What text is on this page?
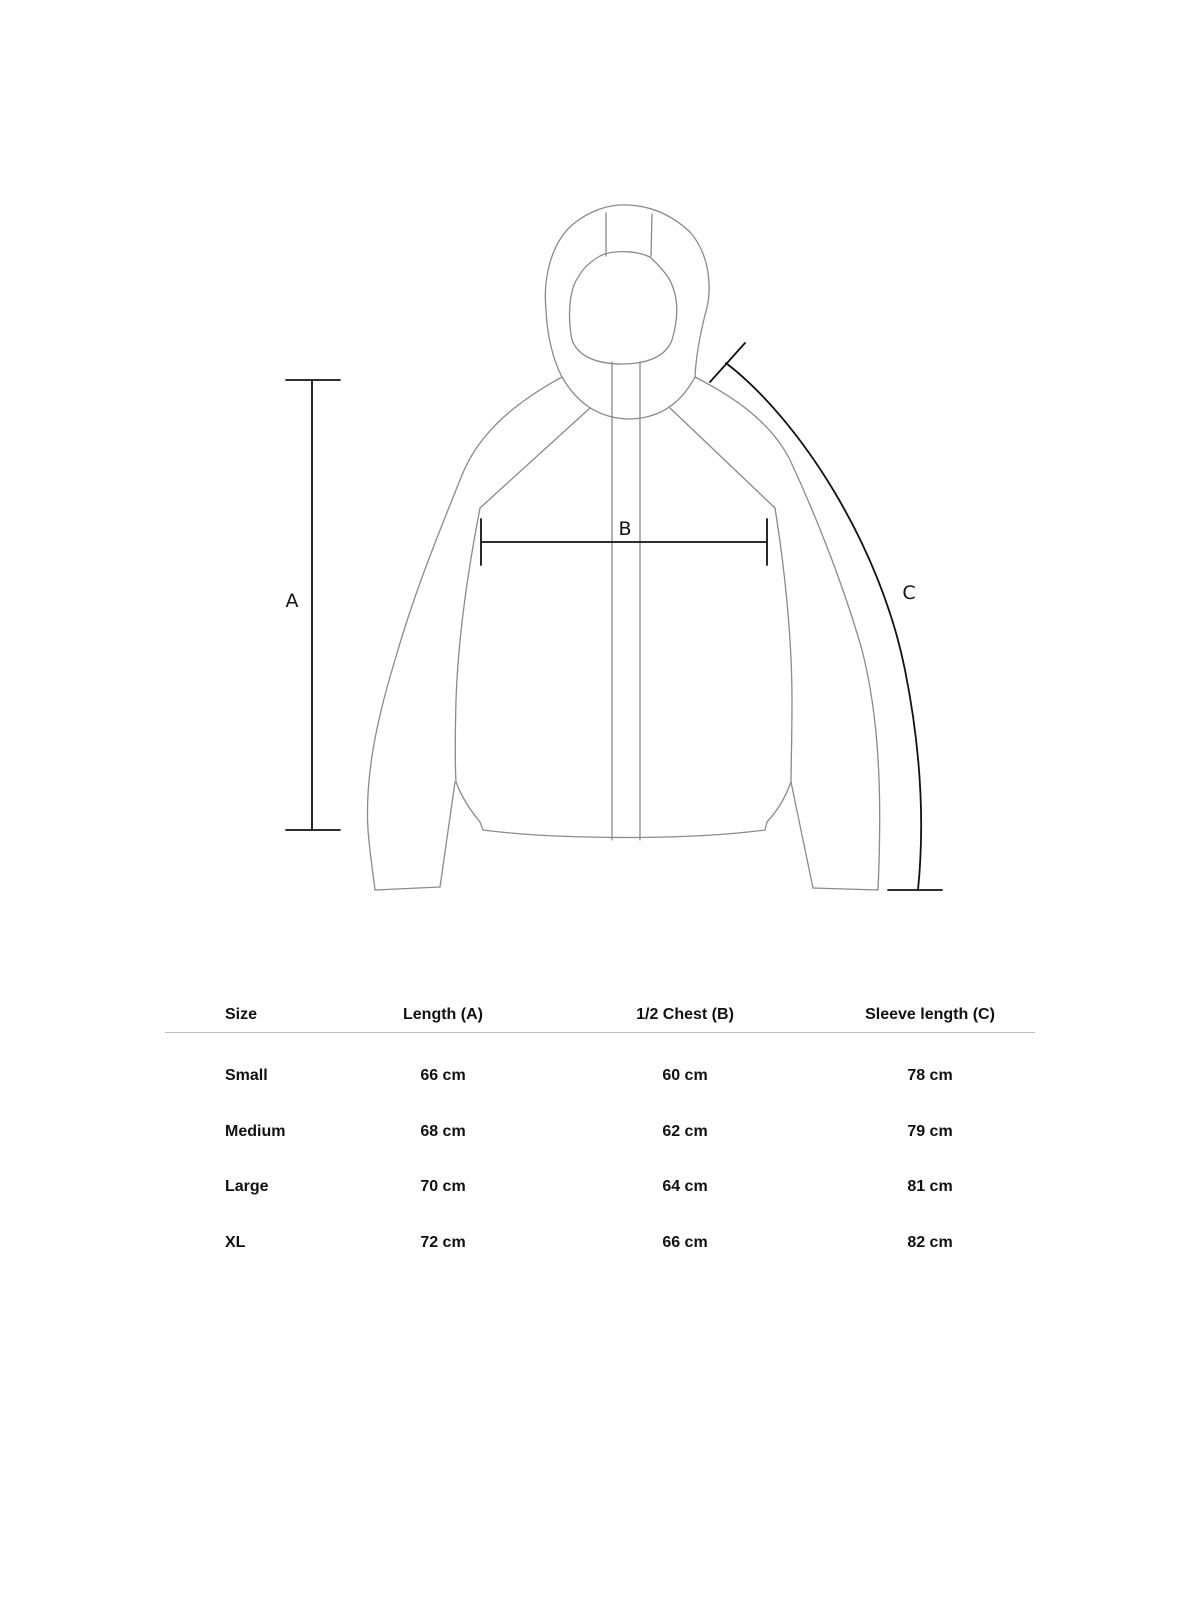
A
B
C
Size	Length (A)	1/2 Chest (B)	Sleeve length (C)
Small	66 cm	60 cm	78 cm
Medium	68 cm	62 cm	79 cm
Large	70 cm	64 cm	81 cm
XL	72 cm	66 cm	82 cm
